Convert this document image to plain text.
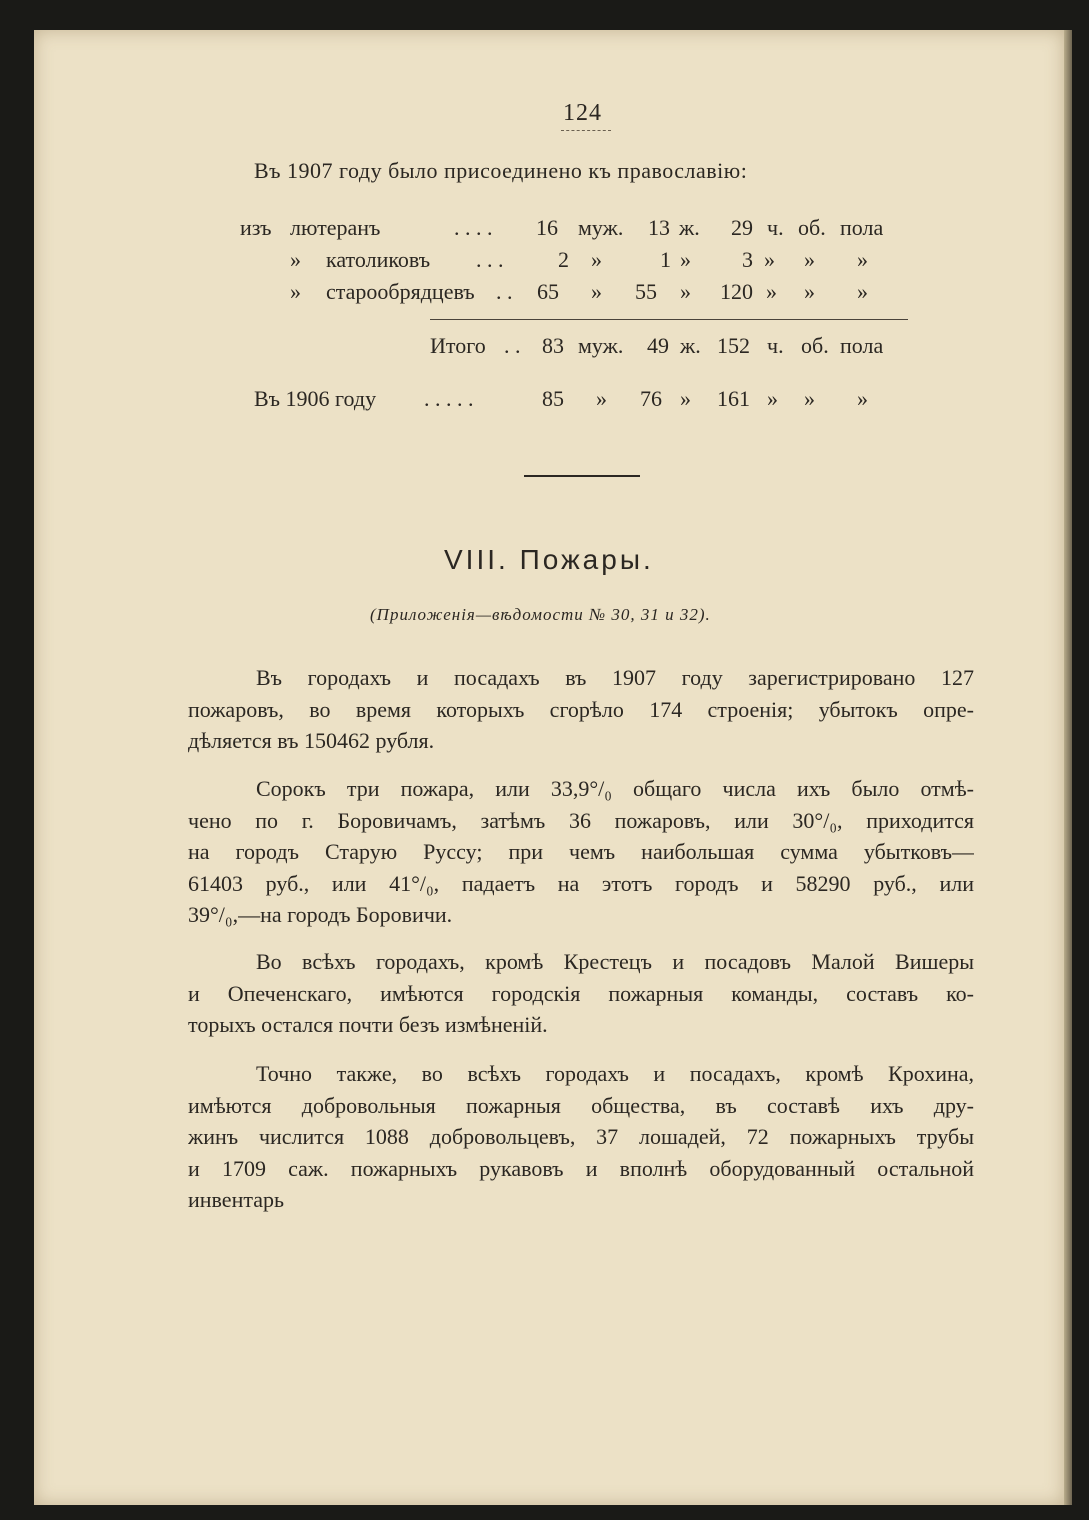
124
Въ 1907 году было присоединено къ православію:
изъ лютеранъ	. . . . 16 муж. 13 ж. 29 ч. об. пола
» католиковъ . . . 2 »	1 » 3 » » »
» старообрядцевъ . . 65 » 55 » 120 » » »
Итого . . 83 муж. 49 ж. 152 ч. об. пола
Въ 1906 году . . . . .	85 » 76 » 161 » » »
VIII. Пожары.
(Приложенія—вѣдомости № 30, 31 и 32).
Въ городахъ и посадахъ въ 1907 году зарегистрировано 127
пожаровъ, во время которыхъ сгорѣло 174 строенія; убытокъ опре-
дѣляется въ 150462 рубля.
Сорокъ три пожара, или 33,9°/₀ общаго числа ихъ было отмѣ-
чено по г. Боровичамъ, затѣмъ 36 пожаровъ, или 30°/₀, приходится
на городъ Старую Руссу; при чемъ наибольшая сумма убытковъ—
61403 руб., или 41°/₀, падаетъ на этотъ городъ и 58290 руб., или
39°/₀,—на городъ Боровичи.
Во всѣхъ городахъ, кромѣ Крестецъ и посадовъ Малой Вишеры
и Опеченскаго, имѣются городскія пожарныя команды, составъ ко-
торыхъ остался почти безъ измѣненій.
Точно также, во всѣхъ городахъ и посадахъ, кромѣ Крохина,
имѣются добровольныя пожарныя общества, въ составѣ ихъ дру-
жинъ числится 1088 добровольцевъ, 37 лошадей, 72 пожарныхъ трубы
и 1709 саж. пожарныхъ рукавовъ и вполнѣ оборудованный остальной
инвентарь
